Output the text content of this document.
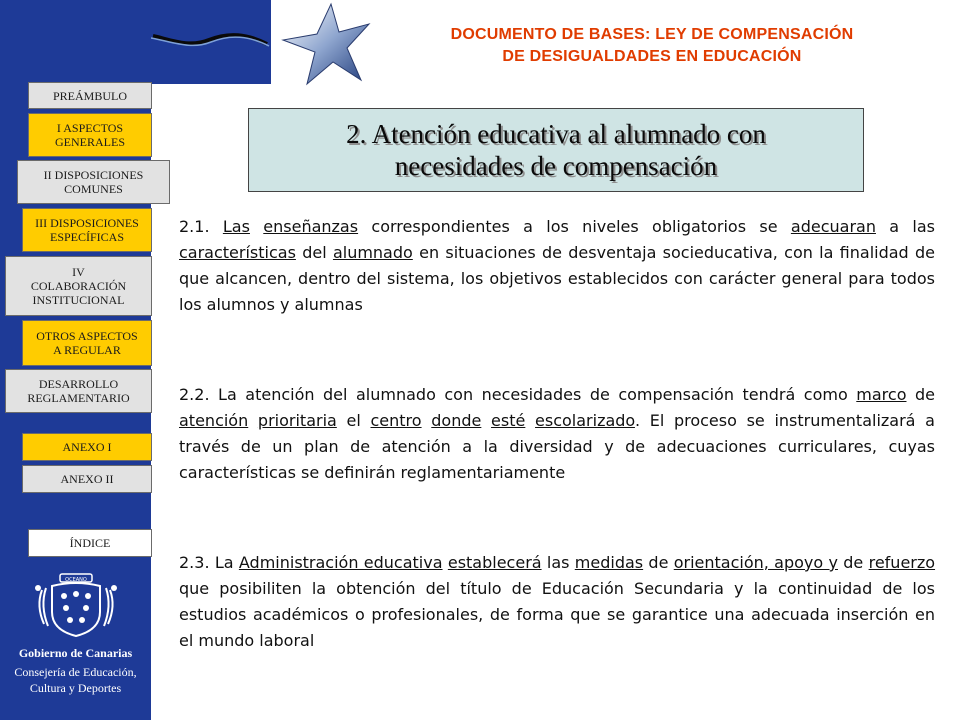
DOCUMENTO DE BASES: LEY DE COMPENSACIÓN
DE DESIGUALDADES EN EDUCACIÓN
PREÁMBULO
I ASPECTOS
GENERALES
II DISPOSICIONES
COMUNES
III DISPOSICIONES
ESPECÍFICAS
IV
COLABORACIÓN
INSTITUCIONAL
OTROS ASPECTOS
A REGULAR
DESARROLLO
REGLAMENTARIO
ANEXO I
ANEXO II
ÍNDICE
2. Atención educativa al alumnado con
necesidades de compensación

2.1. Las enseñanzas correspondientes a los niveles obligatorios se adecuaran a las características del alumnado en situaciones de desventaja socieducativa, con la finalidad de que alcancen, dentro del sistema, los objetivos establecidos con carácter general para todos los alumnos y alumnas

2.2. La atención del alumnado con necesidades de compensación tendrá como marco de atención prioritaria el centro donde esté escolarizado. El proceso se instrumentalizará a través de un plan de atención a la diversidad y de adecuaciones curriculares, cuyas características se definirán reglamentariamente

2.3. La Administración educativa establecerá las medidas de orientación, apoyo y de refuerzo que posibiliten la obtención del título de Educación Secundaria y la continuidad de los estudios académicos o profesionales, de forma que se garantice una adecuada inserción en el mundo laboral

OCEANO
Gobierno de Canarias
Consejería de Educación,
Cultura y Deportes
